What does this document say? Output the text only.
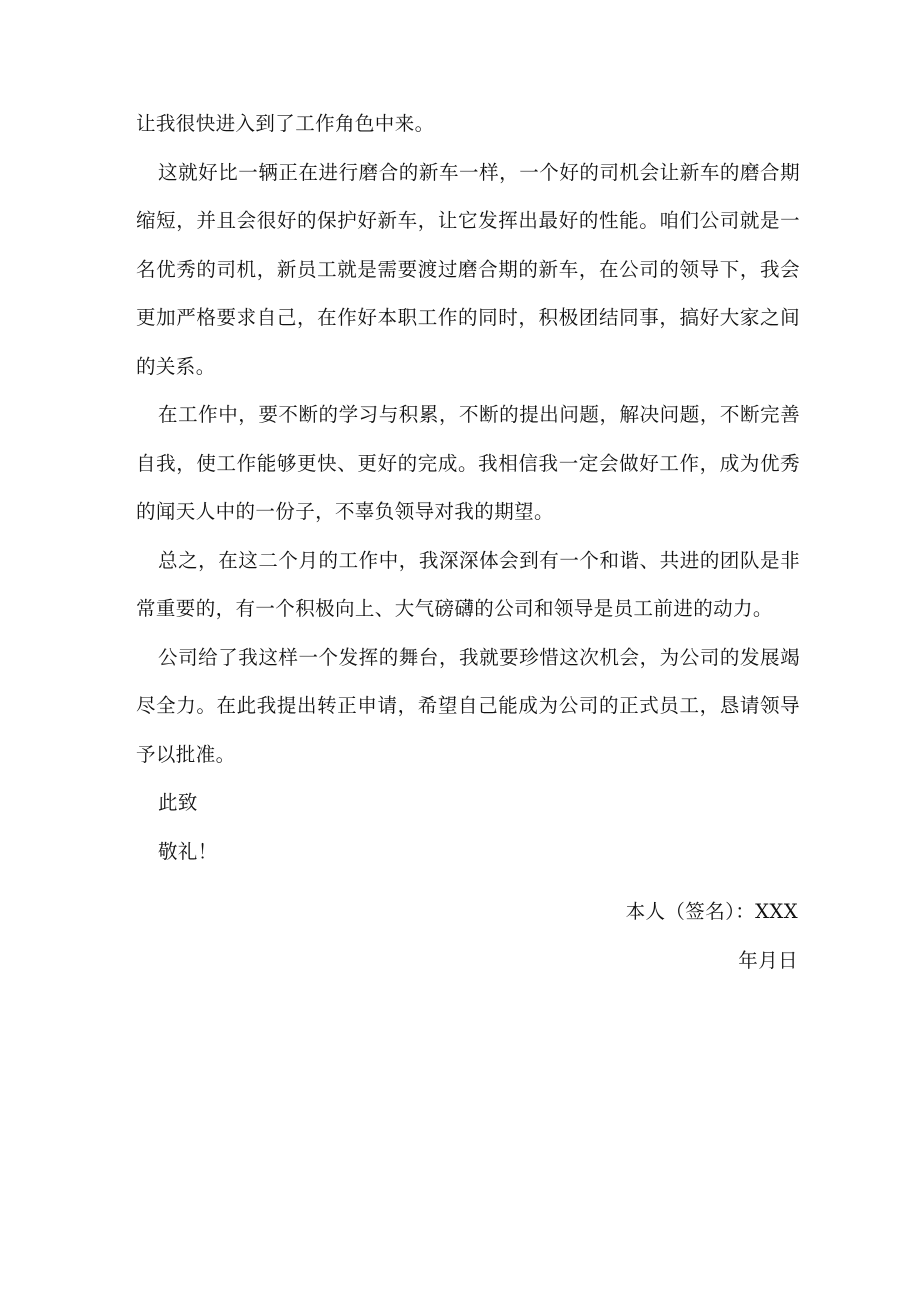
让我很快进入到了工作角色中来。

这就好比一辆正在进行磨合的新车一样，一个好的司机会让新车的磨合期缩短，并且会很好的保护好新车，让它发挥出最好的性能。咱们公司就是一名优秀的司机，新员工就是需要渡过磨合期的新车，在公司的领导下，我会更加严格要求自己，在作好本职工作的同时，积极团结同事，搞好大家之间的关系。

在工作中，要不断的学习与积累，不断的提出问题，解决问题，不断完善自我，使工作能够更快、更好的完成。我相信我一定会做好工作，成为优秀的闻天人中的一份子，不辜负领导对我的期望。

总之，在这二个月的工作中，我深深体会到有一个和谐、共进的团队是非常重要的，有一个积极向上、大气磅礴的公司和领导是员工前进的动力。

公司给了我这样一个发挥的舞台，我就要珍惜这次机会，为公司的发展竭尽全力。在此我提出转正申请，希望自己能成为公司的正式员工，恳请领导予以批准。

此致

敬礼！

本人（签名）：XXX

年月日
